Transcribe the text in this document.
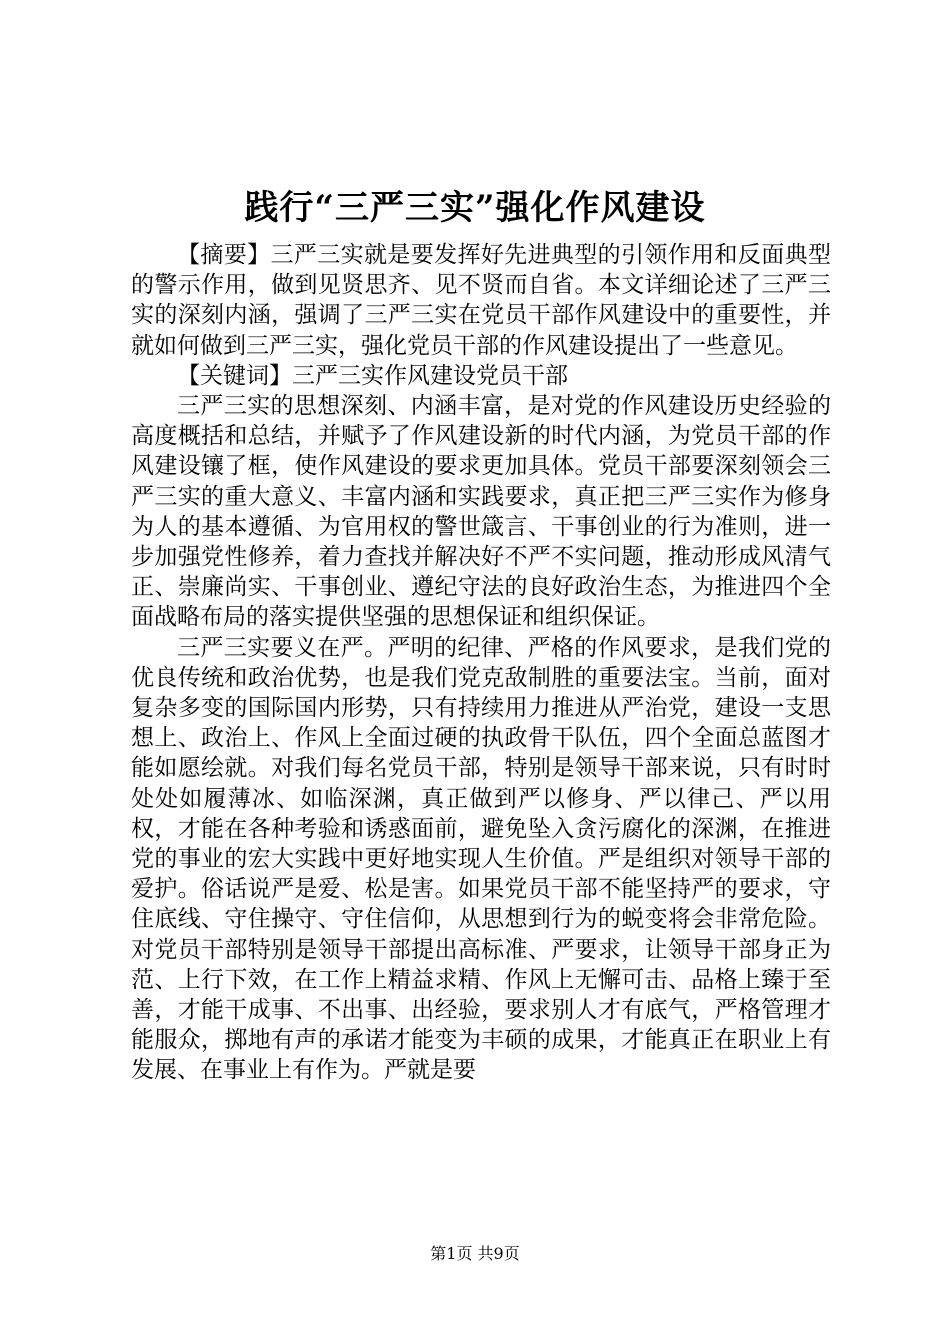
践行“三严三实”强化作风建设

【摘要】三严三实就是要发挥好先进典型的引领作用和反面典型的警示作用，做到见贤思齐、见不贤而自省。本文详细论述了三严三实的深刻内涵，强调了三严三实在党员干部作风建设中的重要性，并就如何做到三严三实，强化党员干部的作风建设提出了一些意见。

【关键词】三严三实作风建设党员干部

三严三实的思想深刻、内涵丰富，是对党的作风建设历史经验的高度概括和总结，并赋予了作风建设新的时代内涵，为党员干部的作风建设镶了框，使作风建设的要求更加具体。党员干部要深刻领会三严三实的重大意义、丰富内涵和实践要求，真正把三严三实作为修身为人的基本遵循、为官用权的警世箴言、干事创业的行为准则，进一步加强党性修养，着力查找并解决好不严不实问题，推动形成风清气正、崇廉尚实、干事创业、遵纪守法的良好政治生态，为推进四个全面战略布局的落实提供坚强的思想保证和组织保证。

三严三实要义在严。严明的纪律、严格的作风要求，是我们党的优良传统和政治优势，也是我们党克敌制胜的重要法宝。当前，面对复杂多变的国际国内形势，只有持续用力推进从严治党，建设一支思想上、政治上、作风上全面过硬的执政骨干队伍，四个全面总蓝图才能如愿绘就。对我们每名党员干部，特别是领导干部来说，只有时时处处如履薄冰、如临深渊，真正做到严以修身、严以律己、严以用权，才能在各种考验和诱惑面前，避免坠入贪污腐化的深渊，在推进党的事业的宏大实践中更好地实现人生价值。严是组织对领导干部的爱护。俗话说严是爱、松是害。如果党员干部不能坚持严的要求，守住底线、守住操守、守住信仰，从思想到行为的蜕变将会非常危险。对党员干部特别是领导干部提出高标准、严要求，让领导干部身正为范、上行下效，在工作上精益求精、作风上无懈可击、品格上臻于至善，才能干成事、不出事、出经验，要求别人才有底气，严格管理才能服众，掷地有声的承诺才能变为丰硕的成果，才能真正在职业上有发展、在事业上有作为。严就是要

第1页 共9页
